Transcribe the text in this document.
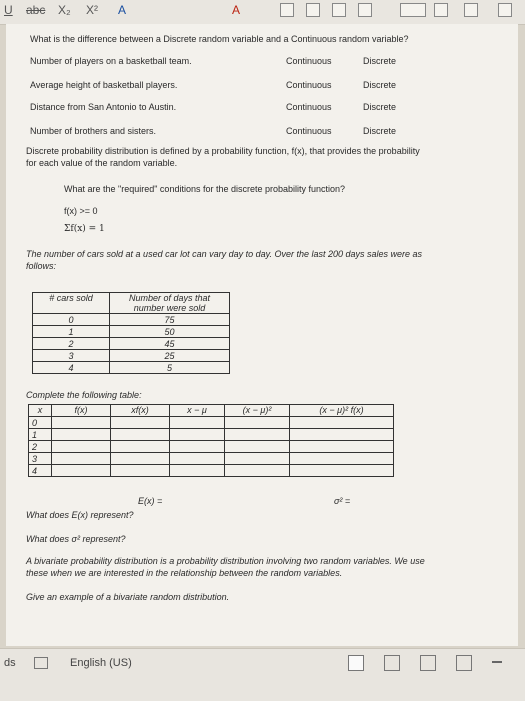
U abc X₂ X² A	A
What is the difference between a Discrete random variable and a Continuous random variable?
Number of players on a basketball team.	Continuous	Discrete
Average height of basketball players.	Continuous	Discrete
Distance from San Antonio to Austin.	Continuous	Discrete
Number of brothers and sisters.	Continuous	Discrete
Discrete probability distribution is defined by a probability function, f(x), that provides the probability
for each value of the random variable.
What are the "required" conditions for the discrete probability function?
f(x) >= 0
Σf(x) = 1
The number of cars sold at a used car lot can vary day to day. Over the last 200 days sales were as
follows:
# cars sold	Number of days that number were sold
0	75
1	50
2	45
3	25
4	5
Complete the following table:
x	f(x)	xf(x)	x − μ	(x − μ)²	(x − μ)² f(x)
0					
1					
2					
3					
4					
E(x) =	σ² =
What does E(x) represent?
What does σ² represent?
A bivariate probability distribution is a probability distribution involving two random variables. We use
these when we are interested in the relationship between the random variables.
Give an example of a bivariate random distribution.
ds	English (US)
